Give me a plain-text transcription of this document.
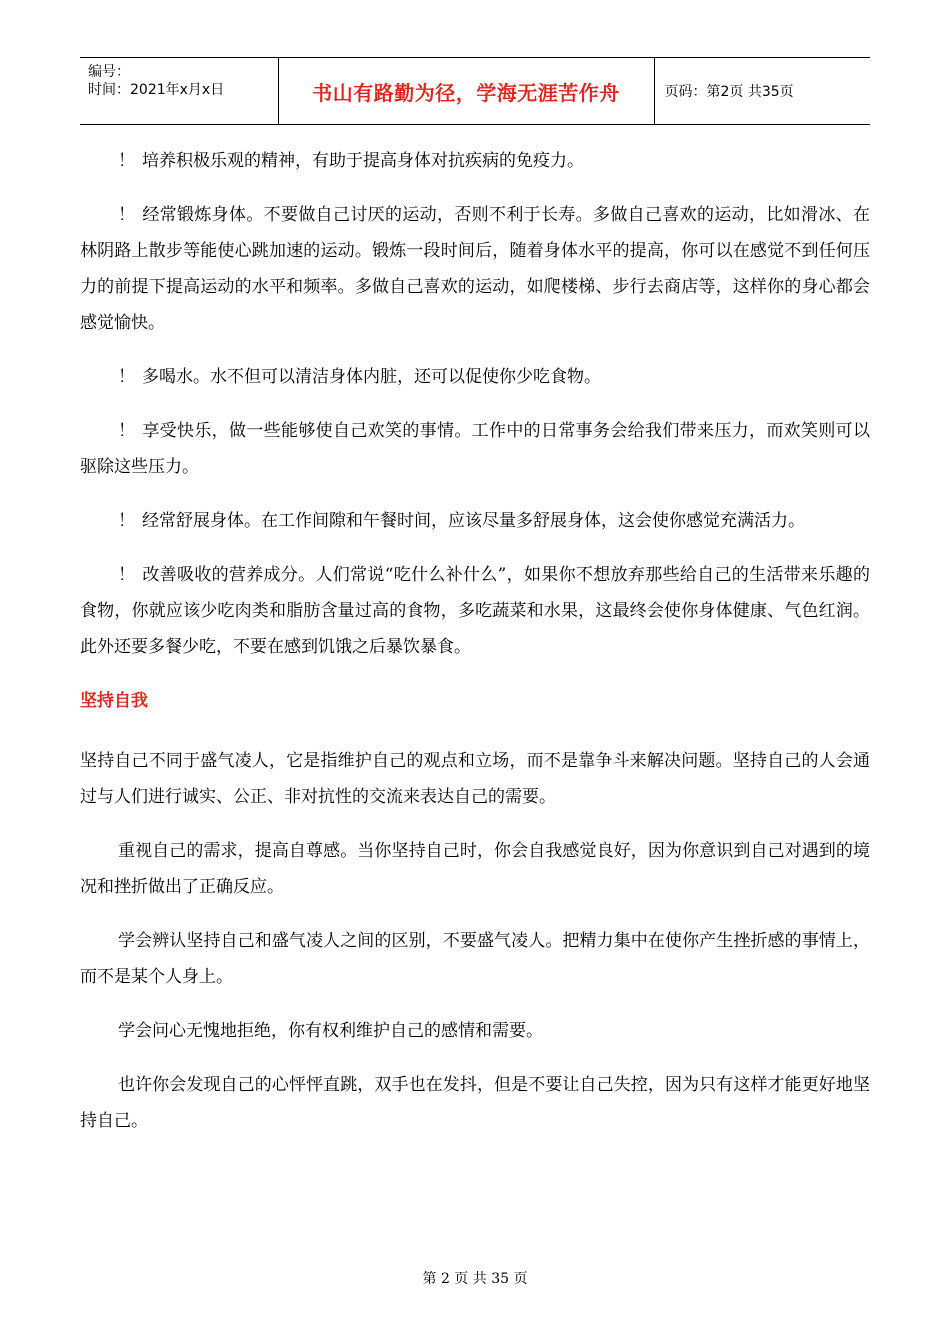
编号：
时间：2021年x月x日	书山有路勤为径，学海无涯苦作舟	页码：第2页 共35页

！ 培养积极乐观的精神，有助于提高身体对抗疾病的免疫力。

！ 经常锻炼身体。不要做自己讨厌的运动，否则不利于长寿。多做自己喜欢的运动，比如滑冰、在林阴路上散步等能使心跳加速的运动。锻炼一段时间后，随着身体水平的提高，你可以在感觉不到任何压力的前提下提高运动的水平和频率。多做自己喜欢的运动，如爬楼梯、步行去商店等，这样你的身心都会感觉愉快。

！ 多喝水。水不但可以清洁身体内脏，还可以促使你少吃食物。

！ 享受快乐，做一些能够使自己欢笑的事情。工作中的日常事务会给我们带来压力，而欢笑则可以驱除这些压力。

！ 经常舒展身体。在工作间隙和午餐时间，应该尽量多舒展身体，这会使你感觉充满活力。

！ 改善吸收的营养成分。人们常说“吃什么补什么”，如果你不想放弃那些给自己的生活带来乐趣的食物，你就应该少吃肉类和脂肪含量过高的食物，多吃蔬菜和水果，这最终会使你身体健康、气色红润。此外还要多餐少吃，不要在感到饥饿之后暴饮暴食。

坚持自我

坚持自己不同于盛气凌人，它是指维护自己的观点和立场，而不是靠争斗来解决问题。坚持自己的人会通过与人们进行诚实、公正、非对抗性的交流来表达自己的需要。

重视自己的需求，提高自尊感。当你坚持自己时，你会自我感觉良好，因为你意识到自己对遇到的境况和挫折做出了正确反应。

学会辨认坚持自己和盛气凌人之间的区别，不要盛气凌人。把精力集中在使你产生挫折感的事情上，而不是某个人身上。

学会问心无愧地拒绝，你有权利维护自己的感情和需要。

也许你会发现自己的心怦怦直跳，双手也在发抖，但是不要让自己失控，因为只有这样才能更好地坚持自己。

第 2 页 共 35 页
